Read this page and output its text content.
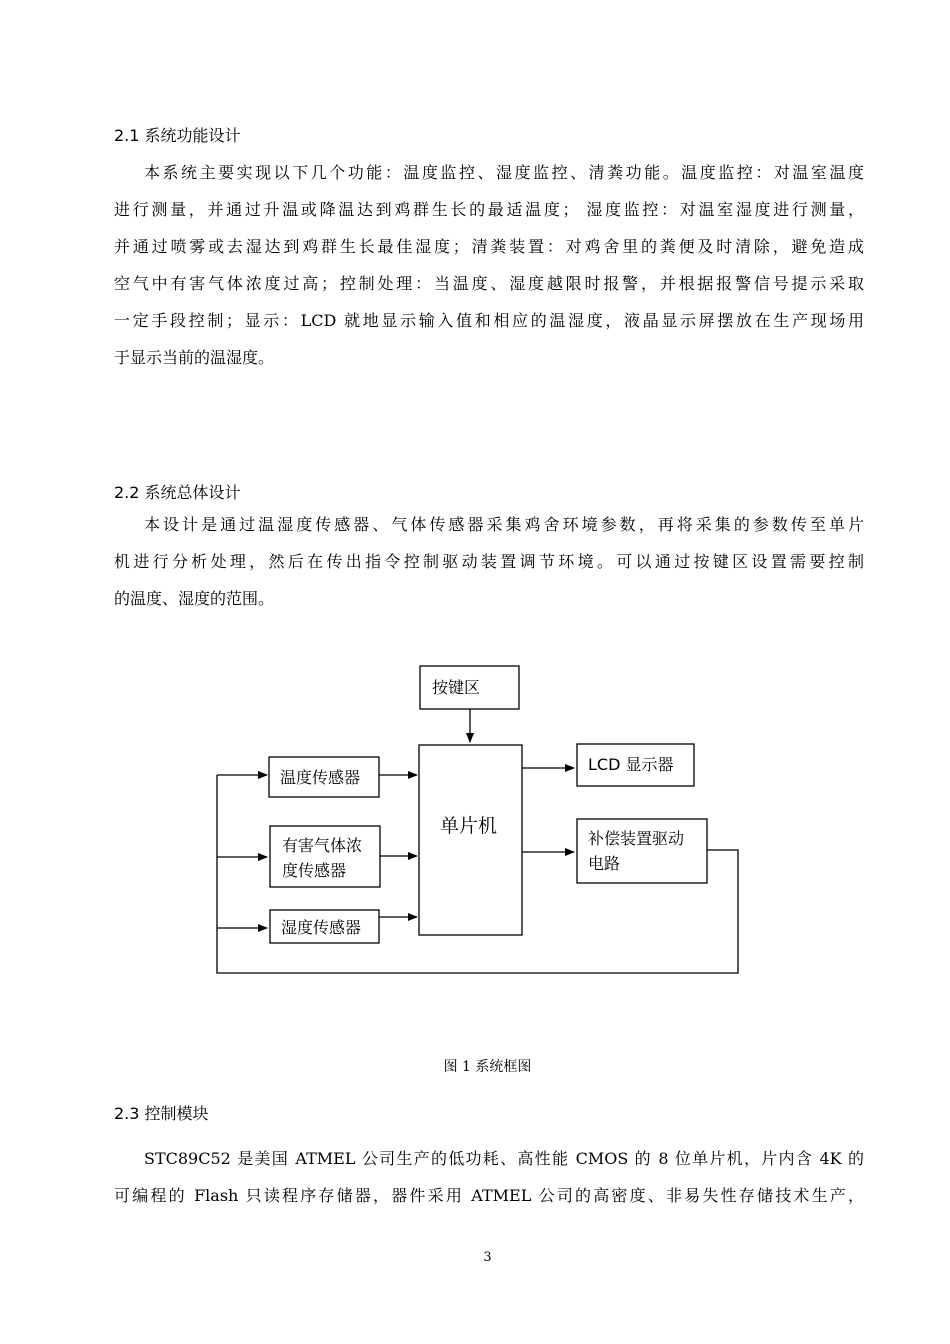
2.1 系统功能设计
本系统主要实现以下几个功能：温度监控、湿度监控、清粪功能。温度监控：对温室温度
进行测量，并通过升温或降温达到鸡群生长的最适温度； 湿度监控：对温室湿度进行测量，
并通过喷雾或去湿达到鸡群生长最佳湿度；清粪装置：对鸡舍里的粪便及时清除，避免造成
空气中有害气体浓度过高；控制处理：当温度、湿度越限时报警，并根据报警信号提示采取
一定手段控制；显示：LCD 就地显示输入值和相应的温湿度，液晶显示屏摆放在生产现场用
于显示当前的温湿度。
2.2 系统总体设计
本设计是通过温湿度传感器、气体传感器采集鸡舍环境参数，再将采集的参数传至单片
机进行分析处理，然后在传出指令控制驱动装置调节环境。可以通过按键区设置需要控制
的温度、湿度的范围。
按键区
单片机
温度传感器
有害气体浓
度传感器
湿度传感器
LCD 显示器
补偿装置驱动
电路
图 1 系统框图
2.3 控制模块
STC89C52 是美国 ATMEL 公司生产的低功耗、高性能 CMOS 的 8 位单片机，片内含 4K 的
可编程的 Flash 只读程序存储器，器件采用 ATMEL 公司的高密度、非易失性存储技术生产，
3
